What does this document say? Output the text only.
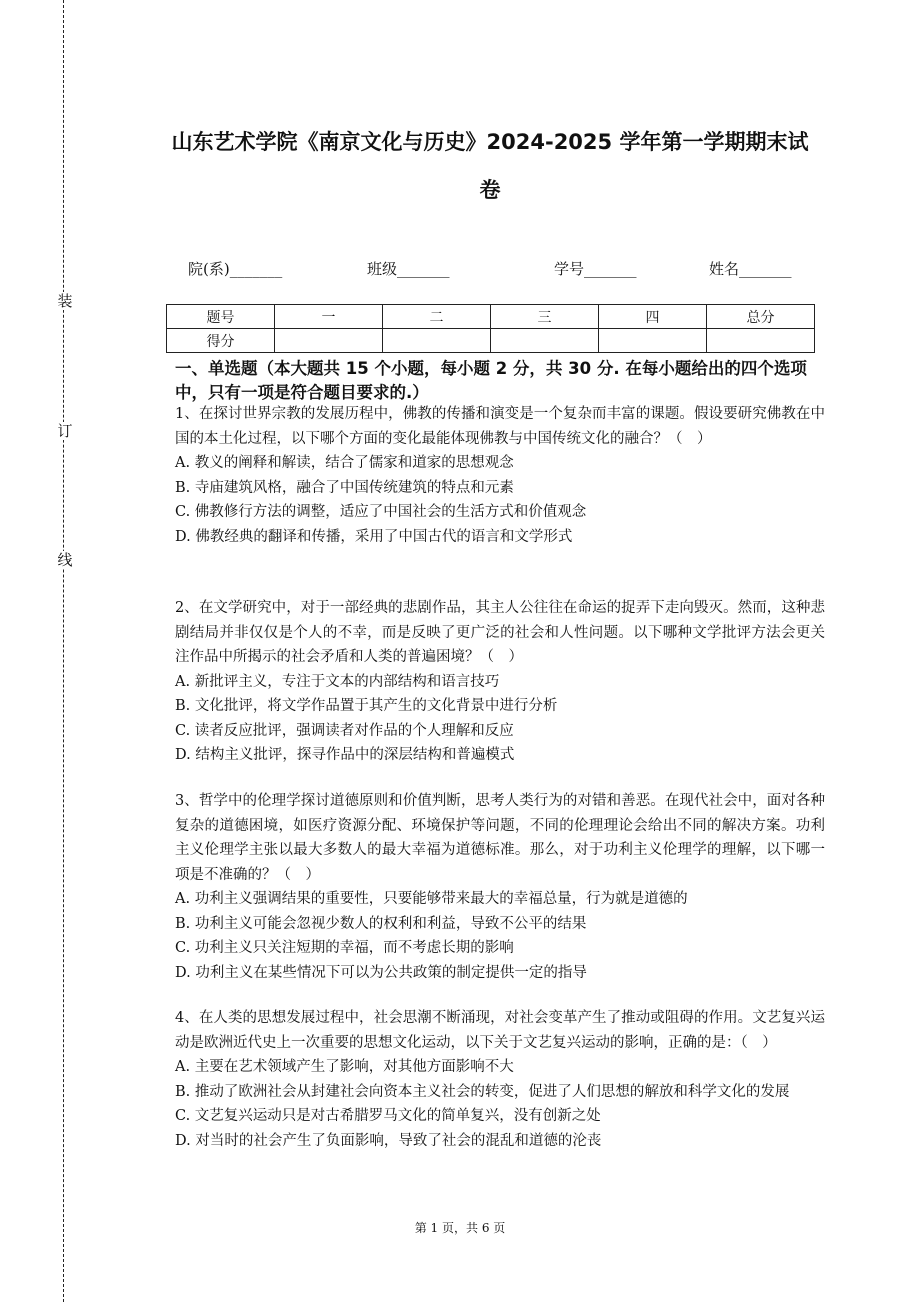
装
订
线
山东艺术学院《南京文化与历史》2024-2025 学年第一学期期末试
卷
院(系)_______	班级_______	学号_______	姓名_______
题号	一	二	三	四	总分
得分					
一、单选题（本大题共 15 个小题，每小题 2 分，共 30 分. 在每小题给出的四个选项中，只有一项是符合题目要求的.）
1、在探讨世界宗教的发展历程中，佛教的传播和演变是一个复杂而丰富的课题。假设要研究佛教在中国的本土化过程，以下哪个方面的变化最能体现佛教与中国传统文化的融合？（　）
A. 教义的阐释和解读，结合了儒家和道家的思想观念
B. 寺庙建筑风格，融合了中国传统建筑的特点和元素
C. 佛教修行方法的调整，适应了中国社会的生活方式和价值观念
D. 佛教经典的翻译和传播，采用了中国古代的语言和文学形式
2、在文学研究中，对于一部经典的悲剧作品，其主人公往往在命运的捉弄下走向毁灭。然而，这种悲剧结局并非仅仅是个人的不幸，而是反映了更广泛的社会和人性问题。以下哪种文学批评方法会更关注作品中所揭示的社会矛盾和人类的普遍困境？（　）
A. 新批评主义，专注于文本的内部结构和语言技巧
B. 文化批评，将文学作品置于其产生的文化背景中进行分析
C. 读者反应批评，强调读者对作品的个人理解和反应
D. 结构主义批评，探寻作品中的深层结构和普遍模式
3、哲学中的伦理学探讨道德原则和价值判断，思考人类行为的对错和善恶。在现代社会中，面对各种复杂的道德困境，如医疗资源分配、环境保护等问题，不同的伦理理论会给出不同的解决方案。功利主义伦理学主张以最大多数人的最大幸福为道德标准。那么，对于功利主义伦理学的理解，以下哪一项是不准确的？（　）
A. 功利主义强调结果的重要性，只要能够带来最大的幸福总量，行为就是道德的
B. 功利主义可能会忽视少数人的权利和利益，导致不公平的结果
C. 功利主义只关注短期的幸福，而不考虑长期的影响
D. 功利主义在某些情况下可以为公共政策的制定提供一定的指导
4、在人类的思想发展过程中，社会思潮不断涌现，对社会变革产生了推动或阻碍的作用。文艺复兴运动是欧洲近代史上一次重要的思想文化运动，以下关于文艺复兴运动的影响，正确的是：（　）
A. 主要在艺术领域产生了影响，对其他方面影响不大
B. 推动了欧洲社会从封建社会向资本主义社会的转变，促进了人们思想的解放和科学文化的发展
C. 文艺复兴运动只是对古希腊罗马文化的简单复兴，没有创新之处
D. 对当时的社会产生了负面影响，导致了社会的混乱和道德的沦丧
第 1 页，共 6 页
